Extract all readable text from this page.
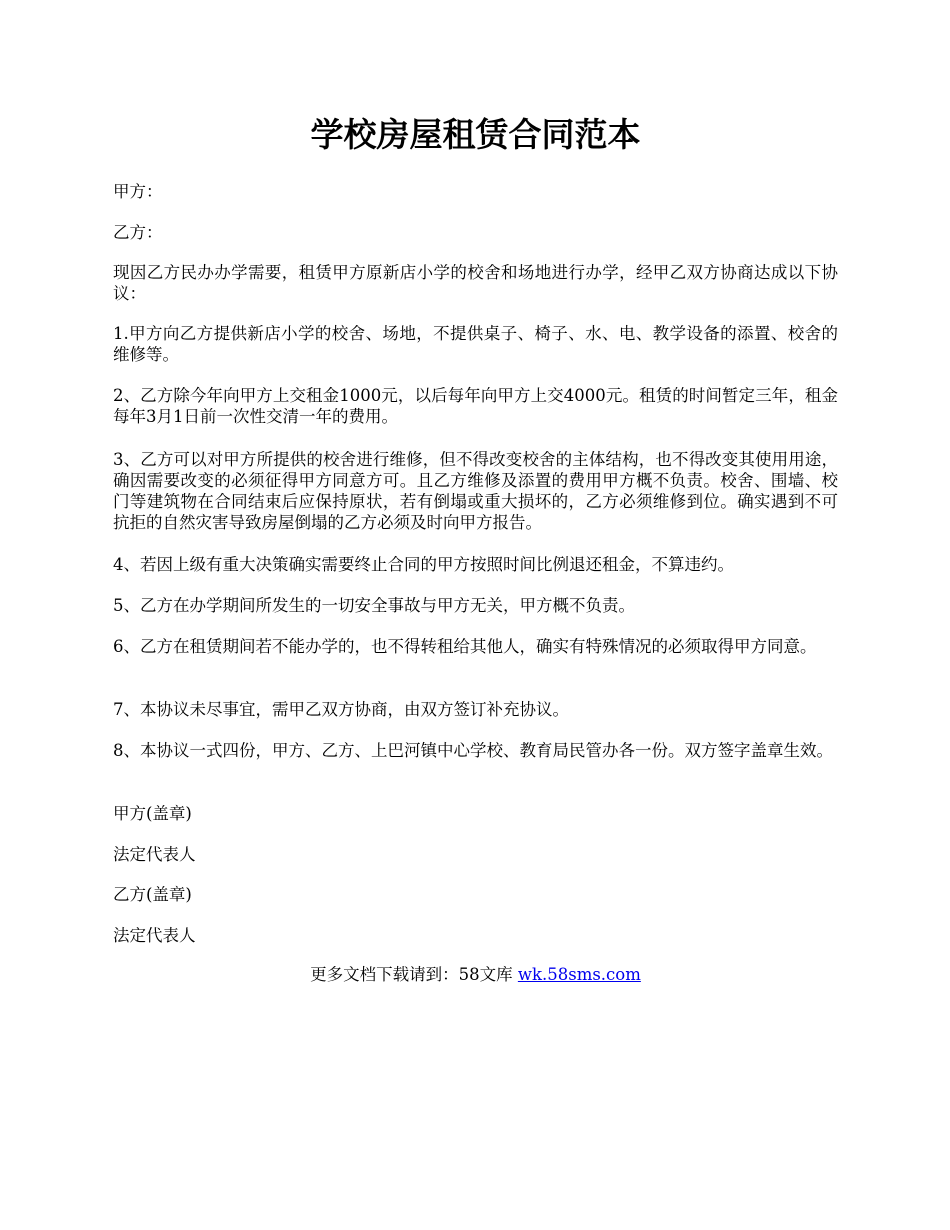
学校房屋租赁合同范本

甲方：

乙方：

现因乙方民办办学需要，租赁甲方原新店小学的校舍和场地进行办学，经甲乙双方协商达成以下协议：

1.甲方向乙方提供新店小学的校舍、场地，不提供桌子、椅子、水、电、教学设备的添置、校舍的维修等。

2、乙方除今年向甲方上交租金1000元，以后每年向甲方上交4000元。租赁的时间暂定三年，租金每年3月1日前一次性交清一年的费用。

3、乙方可以对甲方所提供的校舍进行维修，但不得改变校舍的主体结构，也不得改变其使用用途，确因需要改变的必须征得甲方同意方可。且乙方维修及添置的费用甲方概不负责。校舍、围墙、校门等建筑物在合同结束后应保持原状，若有倒塌或重大损坏的，乙方必须维修到位。确实遇到不可抗拒的自然灾害导致房屋倒塌的乙方必须及时向甲方报告。

4、若因上级有重大决策确实需要终止合同的甲方按照时间比例退还租金，不算违约。

5、乙方在办学期间所发生的一切安全事故与甲方无关，甲方概不负责。

6、乙方在租赁期间若不能办学的，也不得转租给其他人，确实有特殊情况的必须取得甲方同意。

7、本协议未尽事宜，需甲乙双方协商，由双方签订补充协议。

8、本协议一式四份，甲方、乙方、上巴河镇中心学校、教育局民管办各一份。双方签字盖章生效。

甲方(盖章)

法定代表人

乙方(盖章)

法定代表人

更多文档下载请到：58文库 wk.58sms.com
